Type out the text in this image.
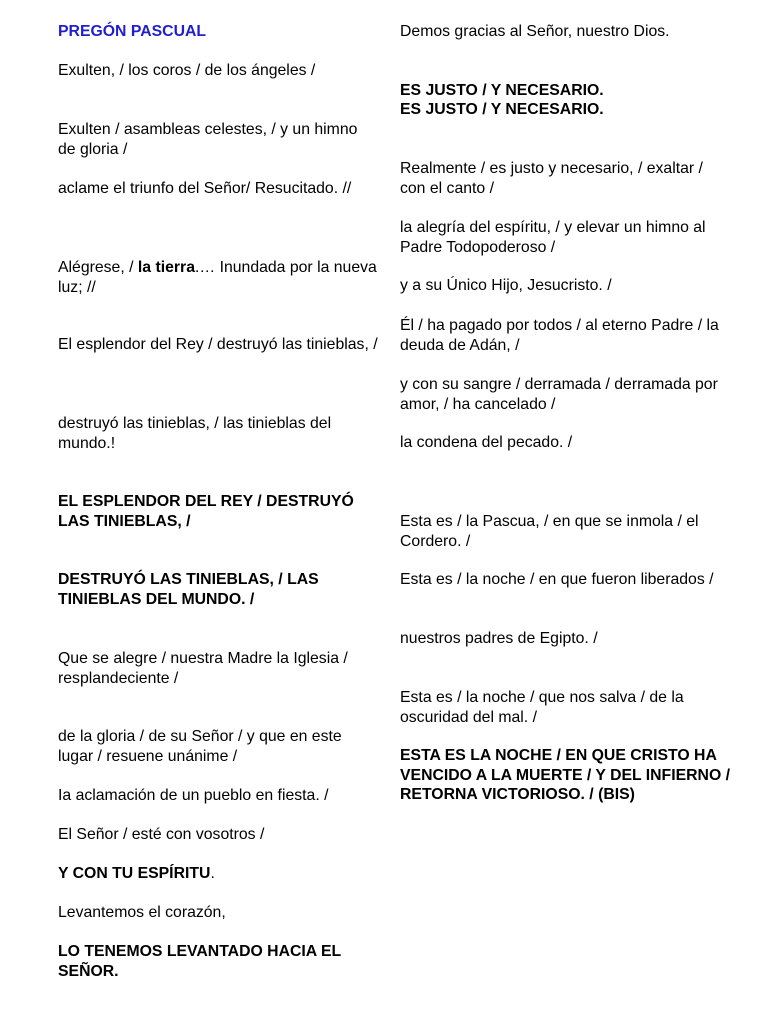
PREGÓN PASCUAL

Exulten, / los coros / de los ángeles /

Exulten / asambleas celestes, / y un himno de gloria /

aclame el triunfo del Señor/ Resucitado. //

Alégrese, / la tierra.… Inundada por la nueva luz; //

El esplendor del Rey / destruyó las tinieblas, /

destruyó las tinieblas, / las tinieblas del mundo.!

EL ESPLENDOR DEL REY / DESTRUYÓ LAS TINIEBLAS, /

DESTRUYÓ LAS TINIEBLAS, / LAS TINIEBLAS DEL MUNDO. /

Que se alegre / nuestra Madre la Iglesia / resplandeciente /

de la gloria / de su Señor / y que en este lugar / resuene unánime /

Ia aclamación de un pueblo en fiesta. /

El Señor / esté con vosotros /

Y CON TU ESPÍRITU.

Levantemos el corazón,

LO TENEMOS LEVANTADO HACIA EL SEÑOR.

Demos gracias al Señor, nuestro Dios.

ES JUSTO / Y NECESARIO.

ES JUSTO / Y NECESARIO.

Realmente / es justo y necesario, / exaltar / con el canto /

la alegría del espíritu, / y elevar un himno al Padre Todopoderoso /

y a su Único Hijo, Jesucristo. /

Él / ha pagado por todos / al eterno Padre / la deuda de Adán, /

y con su sangre / derramada / derramada por amor, / ha cancelado /

la condena del pecado. /

Esta es / la Pascua, / en que se inmola / el Cordero. /

Esta es / la noche / en que fueron liberados /

nuestros padres de Egipto. /

Esta es / la noche / que nos salva / de la oscuridad del mal. /

ESTA ES LA NOCHE / EN QUE CRISTO HA VENCIDO A LA MUERTE / Y DEL INFIERNO / RETORNA VICTORIOSO. / (BIS)
